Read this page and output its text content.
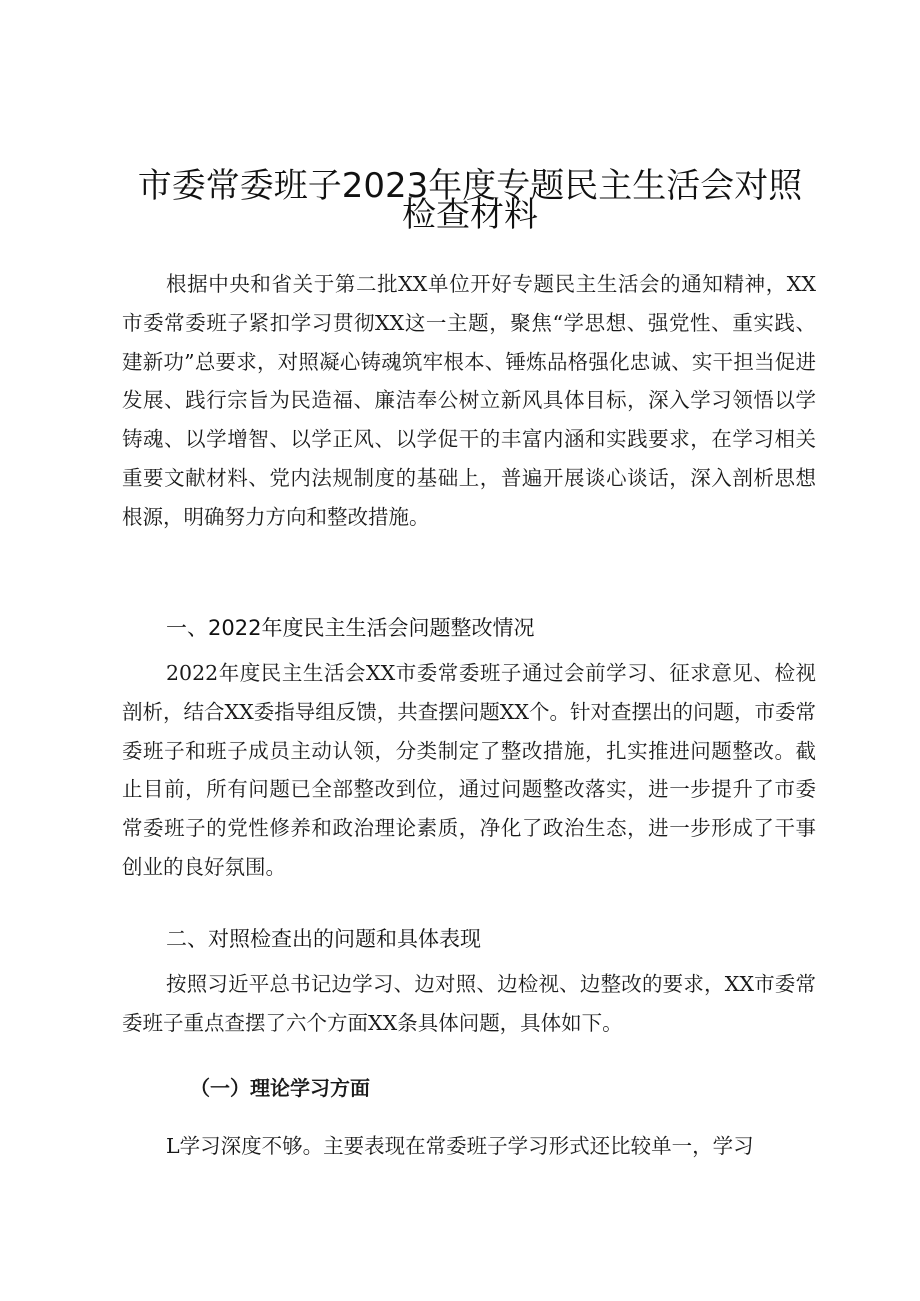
市委常委班子2023年度专题民主生活会对照
检查材料

根据中央和省关于第二批XX单位开好专题民主生活会的通知精神，XX市委常委班子紧扣学习贯彻XX这一主题，聚焦“学思想、强党性、重实践、建新功”总要求，对照凝心铸魂筑牢根本、锤炼品格强化忠诚、实干担当促进发展、践行宗旨为民造福、廉洁奉公树立新风具体目标，深入学习领悟以学铸魂、以学增智、以学正风、以学促干的丰富内涵和实践要求，在学习相关重要文献材料、党内法规制度的基础上，普遍开展谈心谈话，深入剖析思想根源，明确努力方向和整改措施。

一、2022年度民主生活会问题整改情况

2022年度民主生活会XX市委常委班子通过会前学习、征求意见、检视剖析，结合XX委指导组反馈，共查摆问题XX个。针对查摆出的问题，市委常委班子和班子成员主动认领，分类制定了整改措施，扎实推进问题整改。截止目前，所有问题已全部整改到位，通过问题整改落实，进一步提升了市委常委班子的党性修养和政治理论素质，净化了政治生态，进一步形成了干事创业的良好氛围。

二、对照检查出的问题和具体表现

按照习近平总书记边学习、边对照、边检视、边整改的要求，XX市委常委班子重点查摆了六个方面XX条具体问题，具体如下。

（一）理论学习方面

L学习深度不够。主要表现在常委班子学习形式还比较单一，学习
